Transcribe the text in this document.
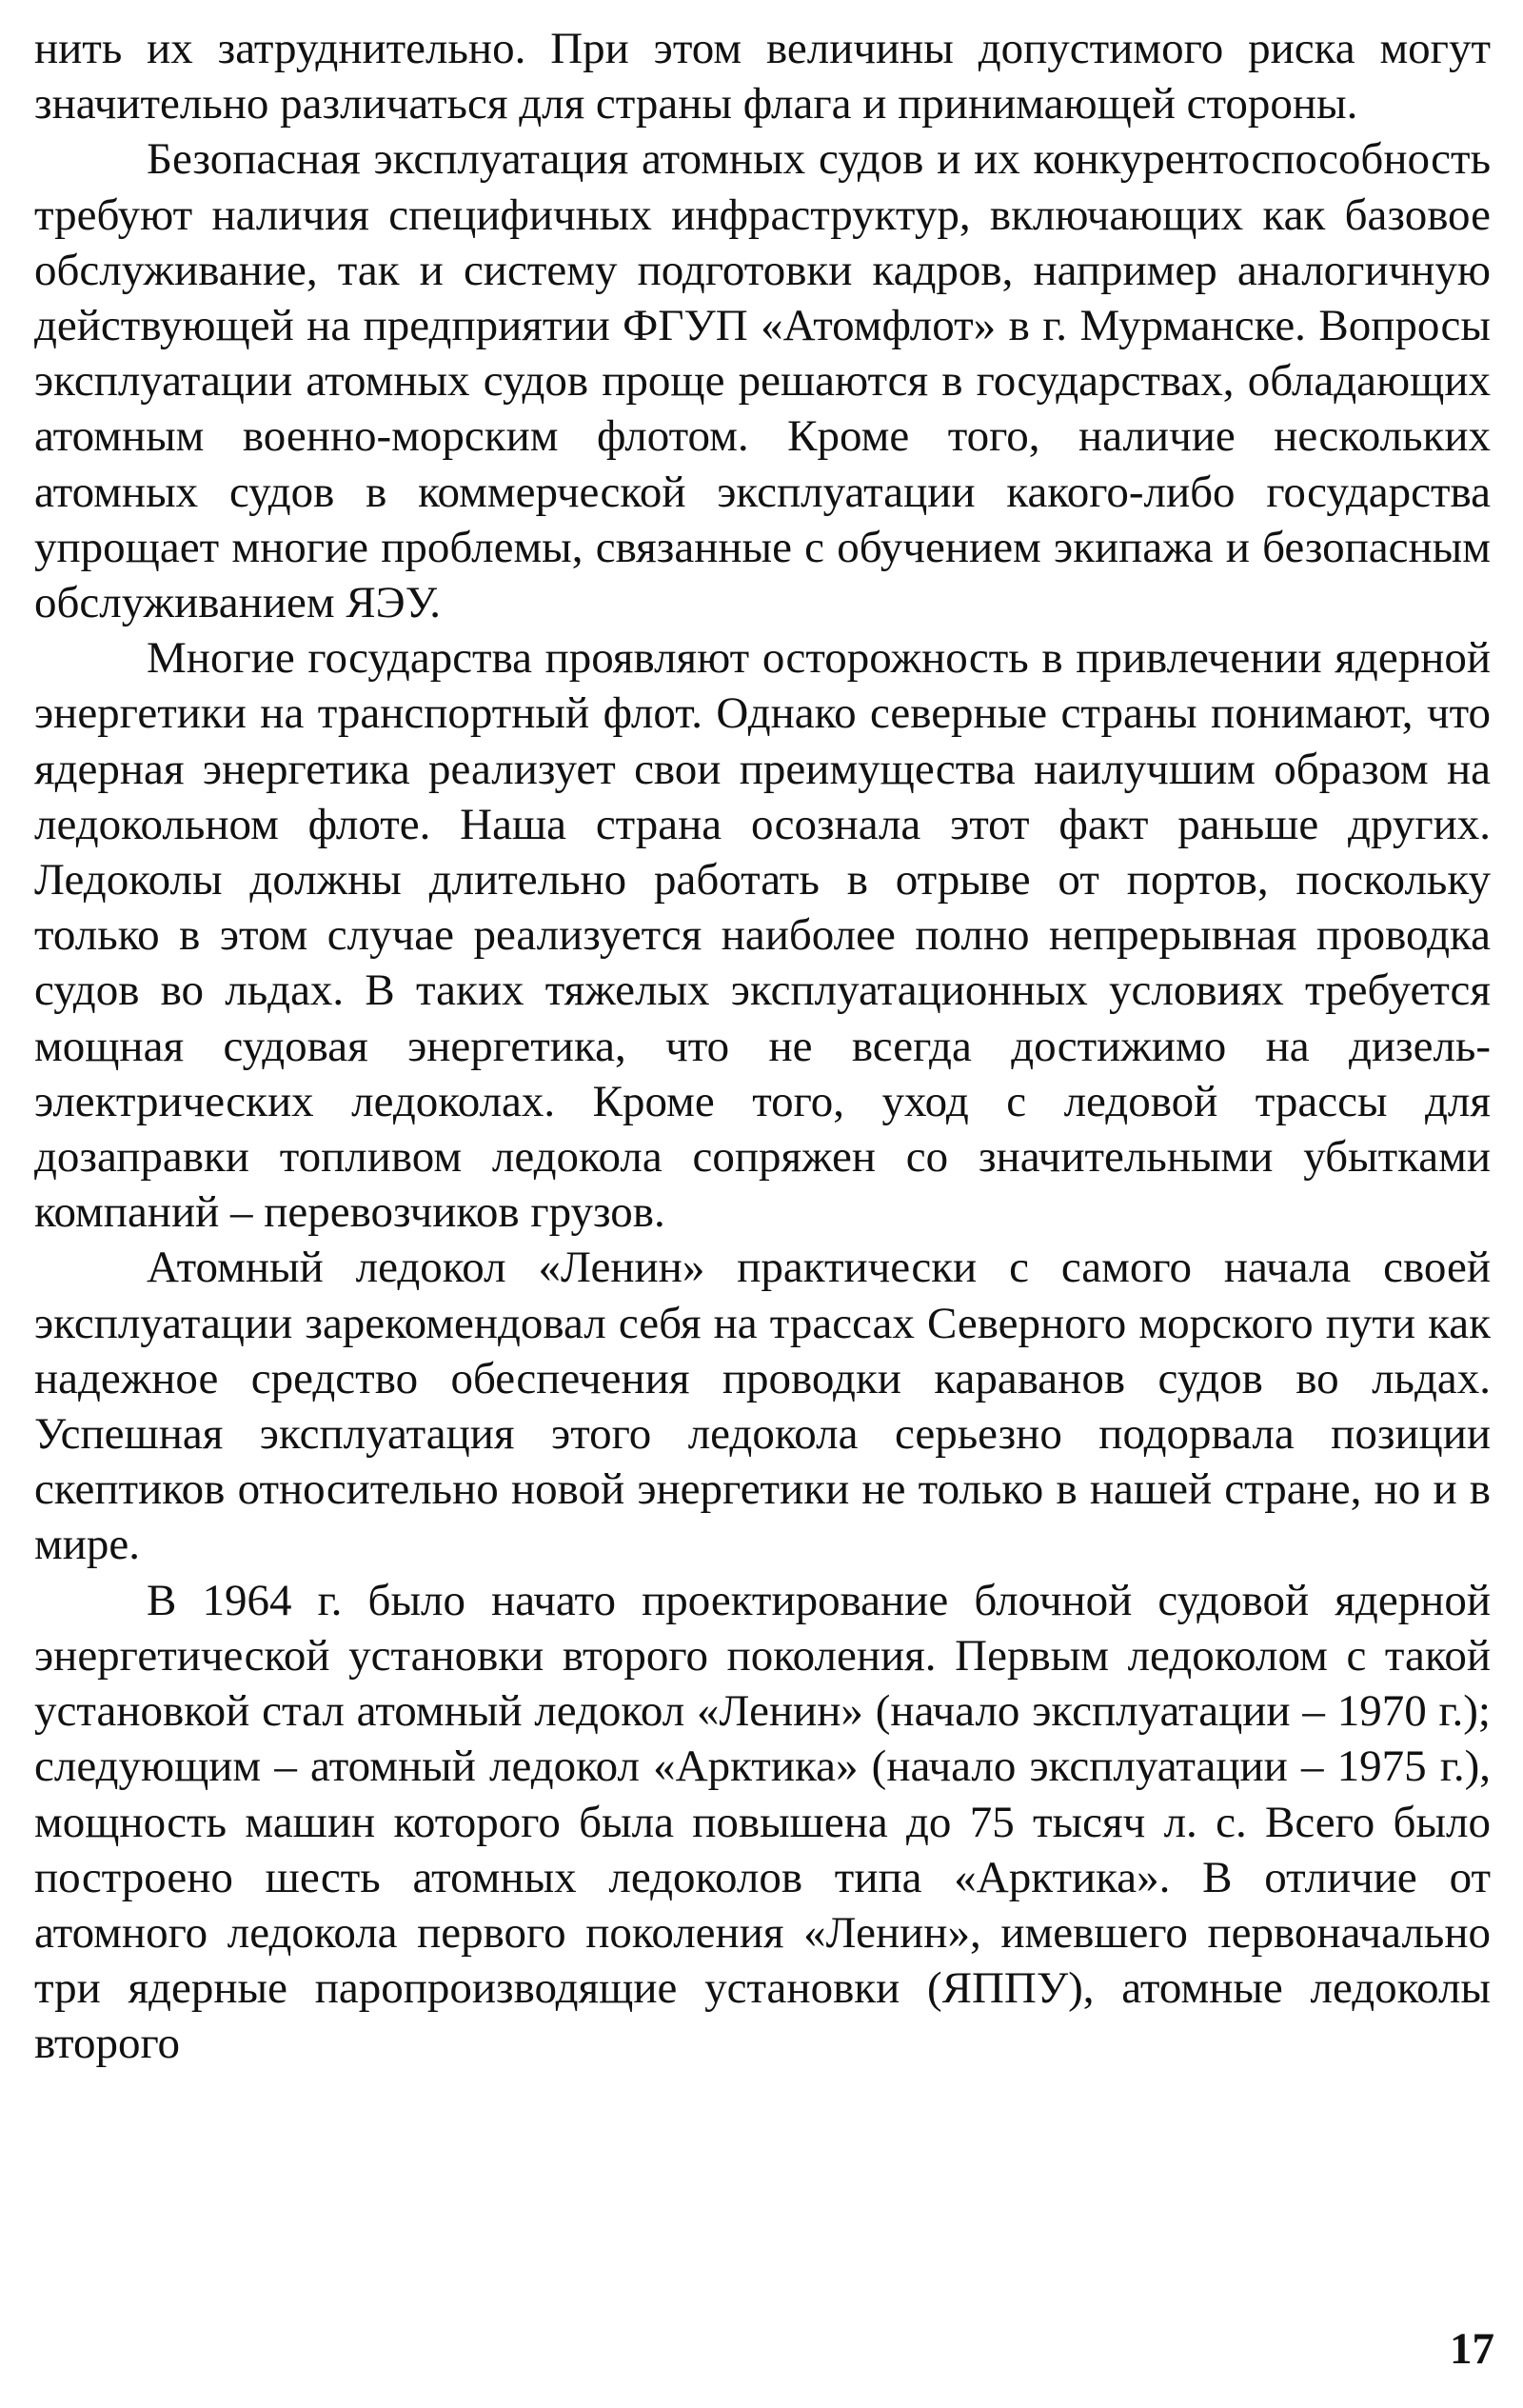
нить их затруднительно. При этом величины допустимого риска могут значительно различаться для страны флага и принимающей стороны.

Безопасная эксплуатация атомных судов и их конкурентоспособность требуют наличия специфичных инфраструктур, включающих как базовое обслуживание, так и систему подготовки кадров, например аналогичную действующей на предприятии ФГУП «Атомфлот» в г. Мурманске. Вопросы эксплуатации атомных судов проще решаются в государствах, обладающих атомным военно-морским флотом. Кроме того, наличие нескольких атомных судов в коммерческой эксплуатации какого-либо государства упрощает многие проблемы, связанные с обучением экипажа и безопасным обслуживанием ЯЭУ.

Многие государства проявляют осторожность в привлечении ядерной энергетики на транспортный флот. Однако северные страны понимают, что ядерная энергетика реализует свои преимущества наилучшим образом на ледокольном флоте. Наша страна осознала этот факт раньше других. Ледоколы должны длительно работать в отрыве от портов, поскольку только в этом случае реализуется наиболее полно непрерывная проводка судов во льдах. В таких тяжелых эксплуатационных условиях требуется мощная судовая энергетика, что не всегда достижимо на дизель-электрических ледоколах. Кроме того, уход с ледовой трассы для дозаправки топливом ледокола сопряжен со значительными убытками компаний – перевозчиков грузов.

Атомный ледокол «Ленин» практически с самого начала своей эксплуатации зарекомендовал себя на трассах Северного морского пути как надежное средство обеспечения проводки караванов судов во льдах. Успешная эксплуатация этого ледокола серьезно подорвала позиции скептиков относительно новой энергетики не только в нашей стране, но и в мире.

В 1964 г. было начато проектирование блочной судовой ядерной энергетической установки второго поколения. Первым ледоколом с такой установкой стал атомный ледокол «Ленин» (начало эксплуатации – 1970 г.); следующим – атомный ледокол «Арктика» (начало эксплуатации – 1975 г.), мощность машин которого была повышена до 75 тысяч л. с. Всего было построено шесть атомных ледоколов типа «Арктика». В отличие от атомного ледокола первого поколения «Ленин», имевшего первоначально три ядерные паропроизводящие установки (ЯППУ), атомные ледоколы второго

17
